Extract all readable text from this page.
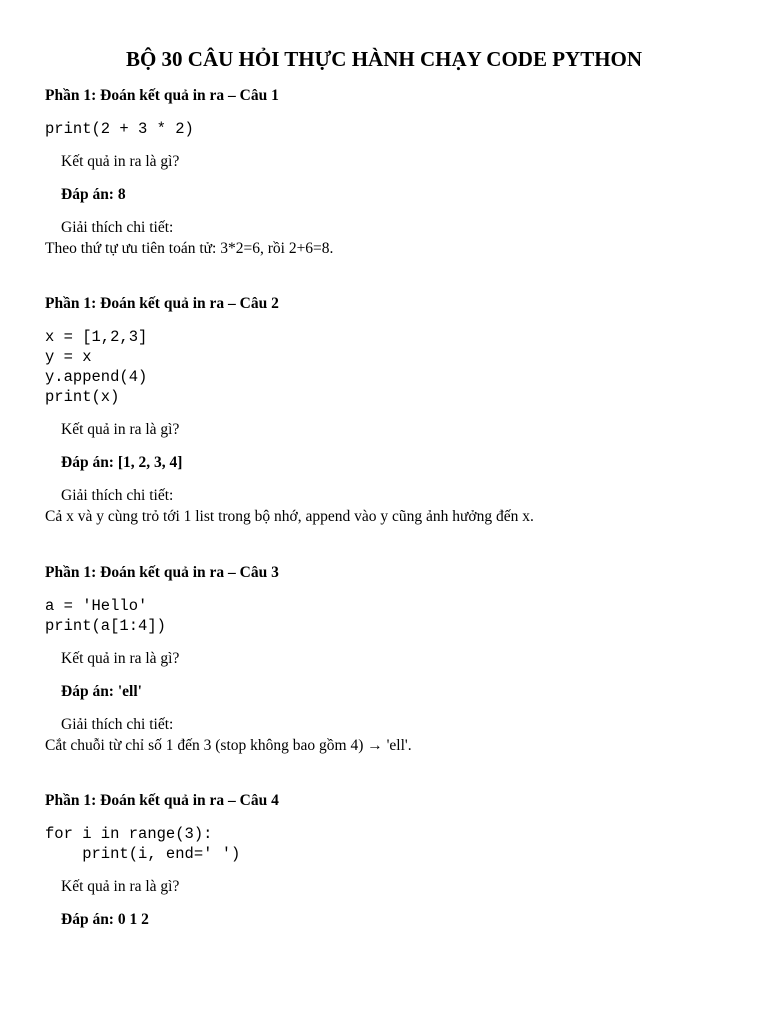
BỘ 30 CÂU HỎI THỰC HÀNH CHẠY CODE PYTHON
Phần 1: Đoán kết quả in ra – Câu 1
print(2 + 3 * 2)
Kết quả in ra là gì?
Đáp án: 8
Giải thích chi tiết:
Theo thứ tự ưu tiên toán tử: 3*2=6, rồi 2+6=8.
Phần 1: Đoán kết quả in ra – Câu 2
x = [1,2,3]
y = x
y.append(4)
print(x)
Kết quả in ra là gì?
Đáp án: [1, 2, 3, 4]
Giải thích chi tiết:
Cả x và y cùng trỏ tới 1 list trong bộ nhớ, append vào y cũng ảnh hưởng đến x.
Phần 1: Đoán kết quả in ra – Câu 3
a = 'Hello'
print(a[1:4])
Kết quả in ra là gì?
Đáp án: 'ell'
Giải thích chi tiết:
Cắt chuỗi từ chỉ số 1 đến 3 (stop không bao gồm 4) → 'ell'.
Phần 1: Đoán kết quả in ra – Câu 4
for i in range(3):
print(i, end=' ')
Kết quả in ra là gì?
Đáp án: 0 1 2
